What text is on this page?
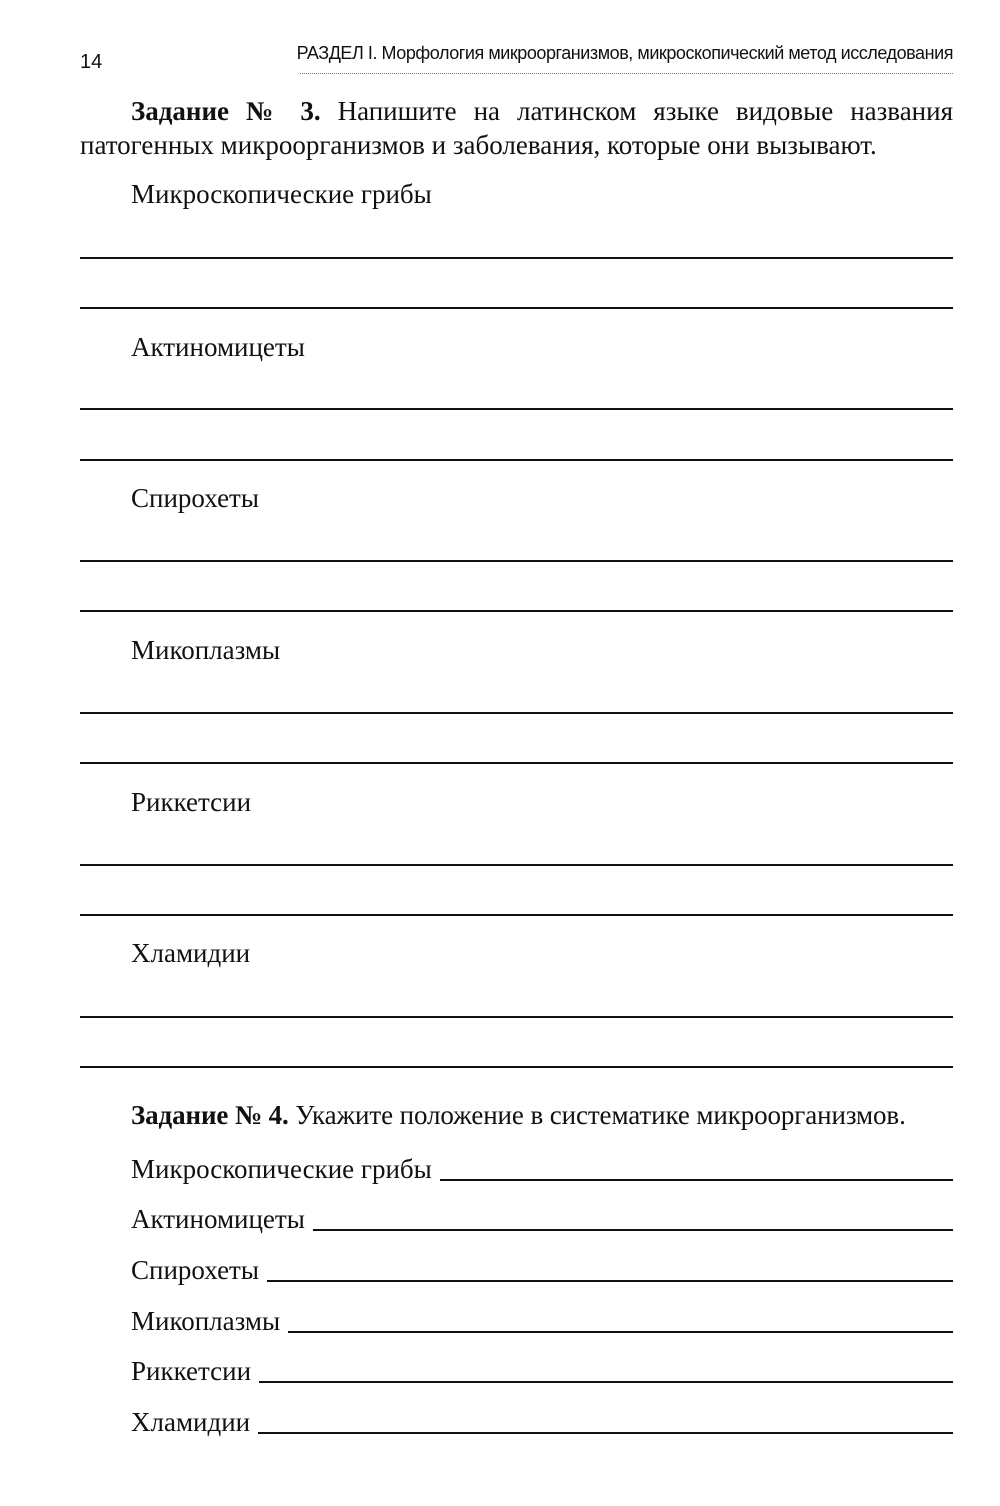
14	РАЗДЕЛ I. Морфология микроорганизмов, микроскопический метод исследования

Задание № 3. Напишите на латинском языке видовые названия патогенных микроорганизмов и заболевания, которые они вызывают.

Микроскопические грибы
Актиномицеты
Спирохеты
Микоплазмы
Риккетсии
Хламидии

Задание № 4. Укажите положение в систематике микроорганизмов.

Микроскопические грибы
Актиномицеты
Спирохеты
Микоплазмы
Риккетсии
Хламидии
